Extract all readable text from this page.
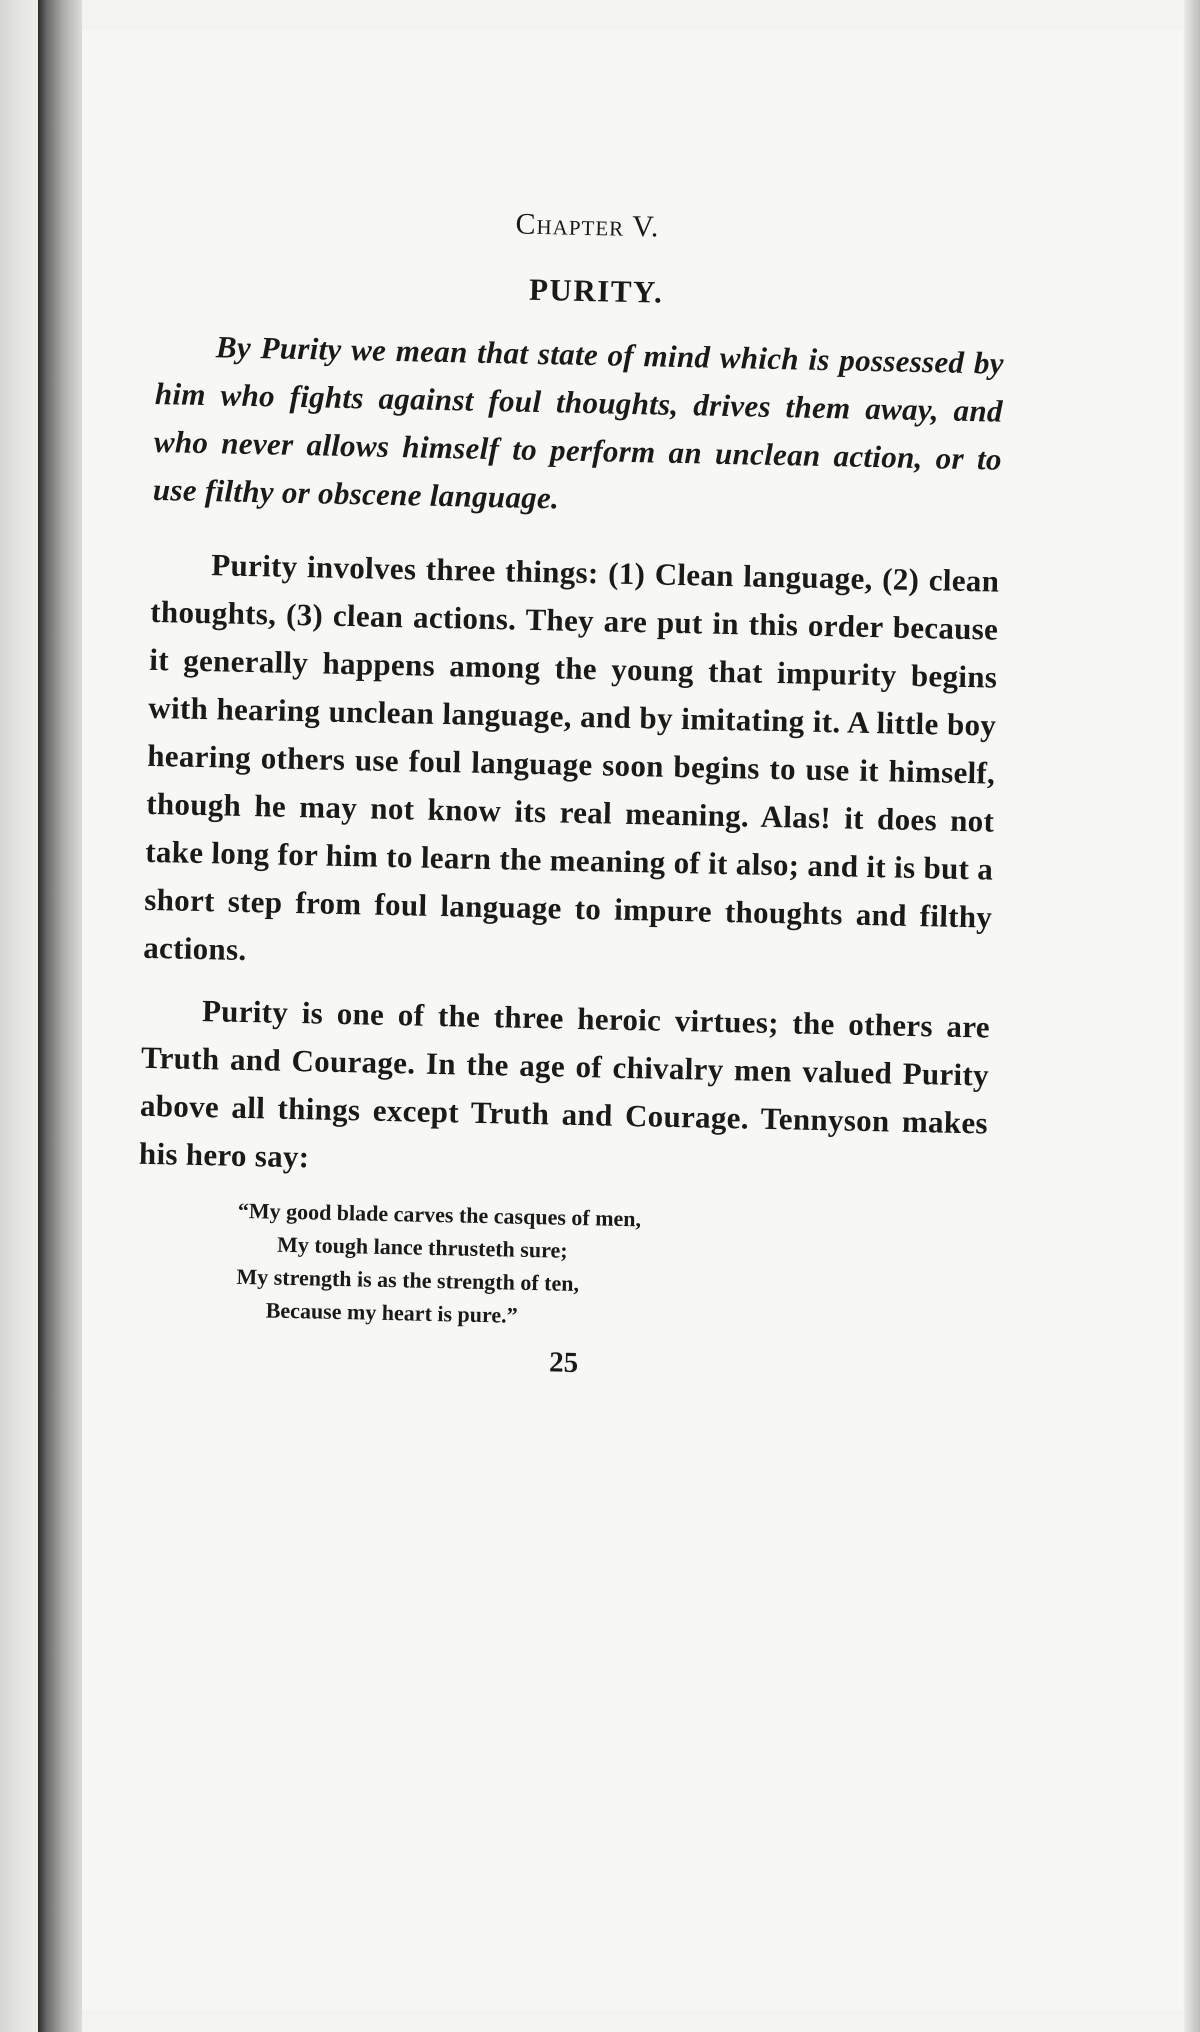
Chapter V.
PURITY.

By Purity we mean that state of mind which is possessed by him who fights against foul thoughts, drives them away, and who never allows himself to perform an unclean action, or to use filthy or obscene language.

Purity involves three things: (1) Clean language, (2) clean thoughts, (3) clean actions. They are put in this order because it generally happens among the young that impurity begins with hearing unclean language, and by imitating it. A little boy hearing others use foul language soon begins to use it himself, though he may not know its real meaning. Alas! it does not take long for him to learn the meaning of it also; and it is but a short step from foul language to impure thoughts and filthy actions.

Purity is one of the three heroic virtues; the others are Truth and Courage. In the age of chivalry men valued Purity above all things except Truth and Courage. Tennyson makes his hero say:

“My good blade carves the casques of men,
My tough lance thrusteth sure;
My strength is as the strength of ten,
Because my heart is pure.”
25
